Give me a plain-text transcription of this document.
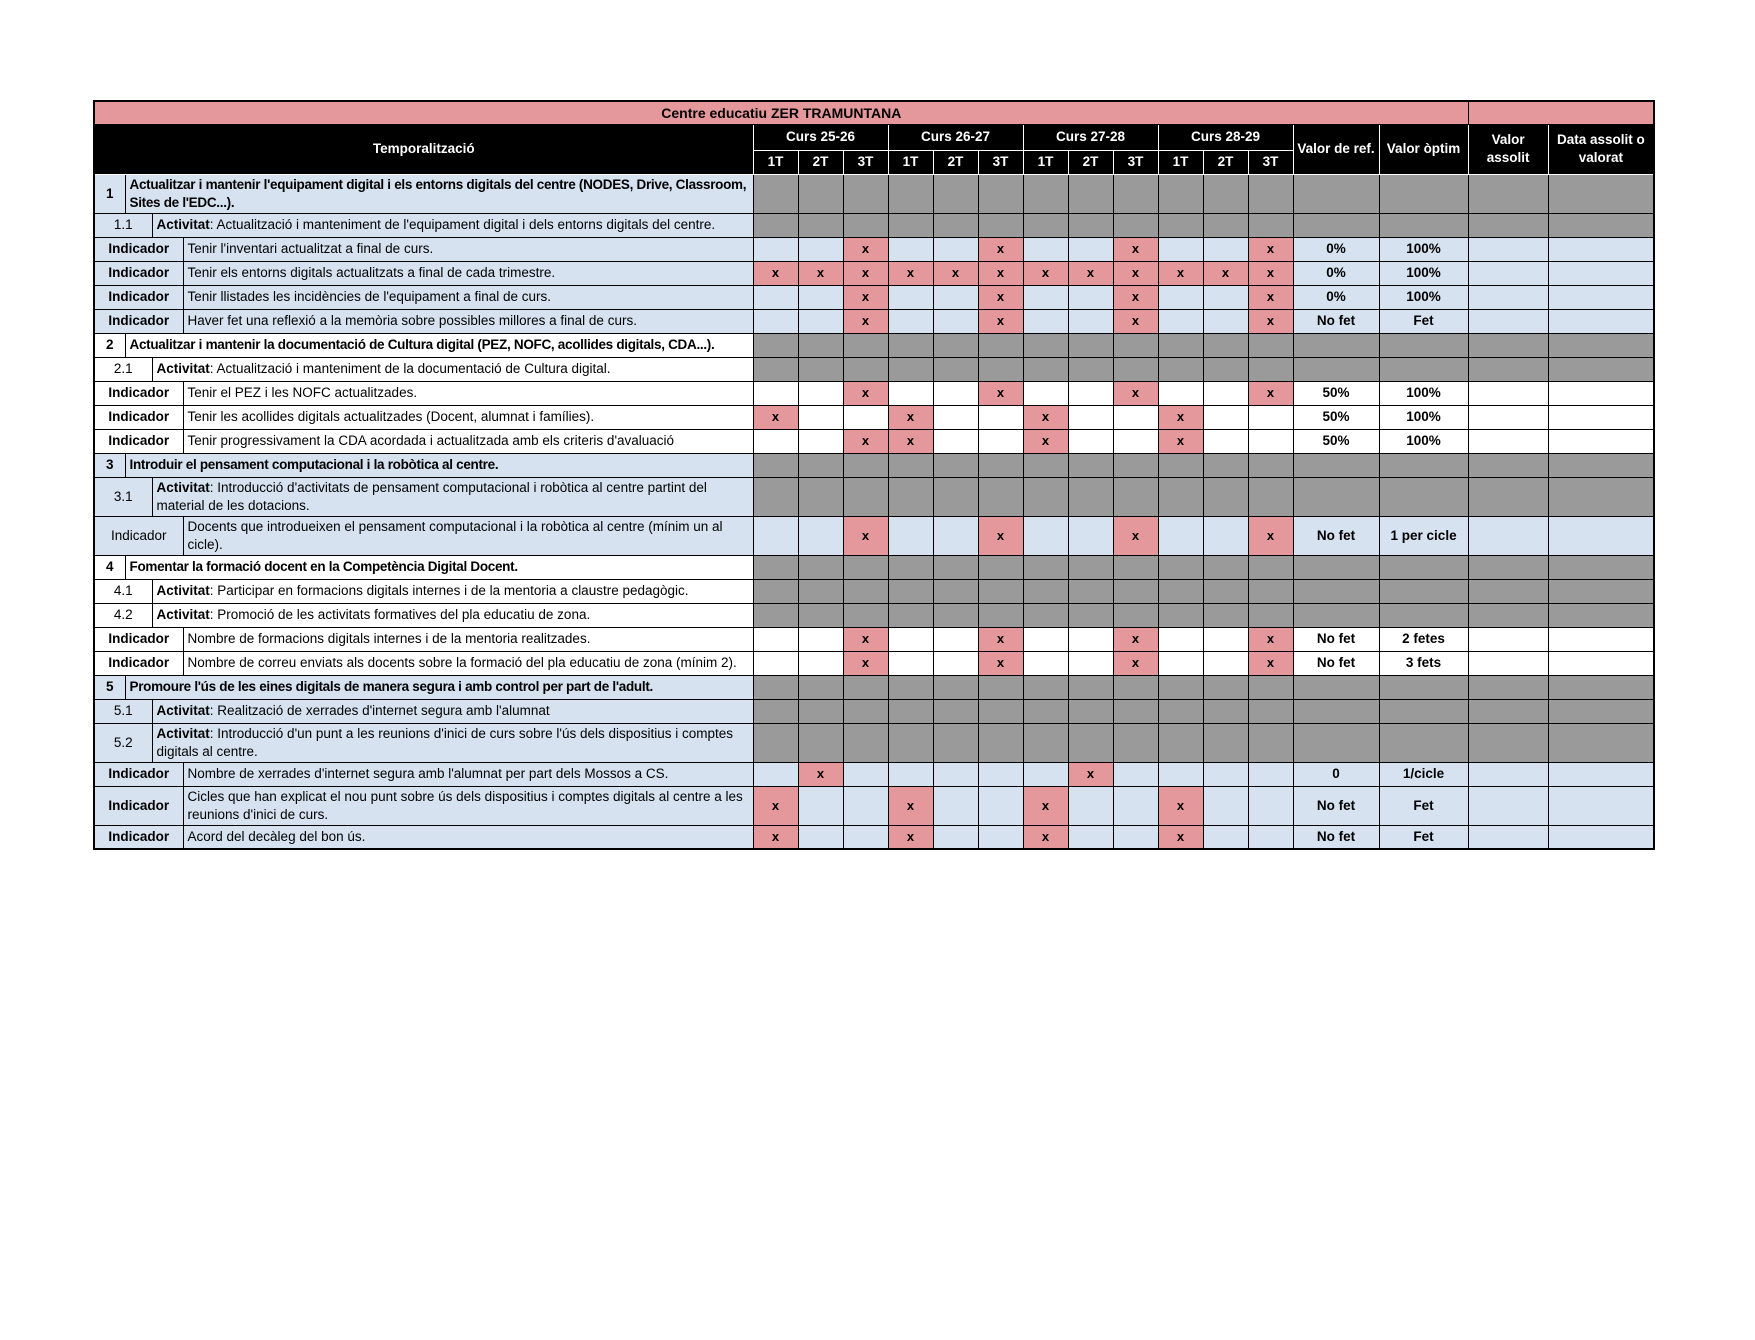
Centre educatiu ZER TRAMUNTANA																			
Temporalització				Curs 25-26			Curs 26-27			Curs 27-28			Curs 28-29			Valor de ref.	Valor òptim	Valor assolit	Data assolit o valorat
				1T	2T	3T	1T	2T	3T	1T	2T	3T	1T	2T	3T				
1	Actualitzar i mantenir l'equipament digital i els entorns digitals del centre (NODES, Drive, Classroom, Sites de l'EDC...).																		
1.1		Activitat: Actualització i manteniment de l'equipament digital i dels entorns digitals del centre.																	
Indicador			Tenir l'inventari actualitzat a final de curs.			x			x			x			x	0%	100%		
Indicador			Tenir els entorns digitals actualitzats a final de cada trimestre.	x	x	x	x	x	x	x	x	x	x	x	x	0%	100%		
Indicador			Tenir llistades les incidències de l'equipament a final de curs.			x			x			x			x	0%	100%		
Indicador			Haver fet una reflexió a la memòria sobre possibles millores a final de curs.			x			x			x			x	No fet	Fet		
2	Actualitzar i mantenir la documentació de Cultura digital (PEZ, NOFC, acollides digitals, CDA...).																		
2.1		Activitat: Actualització i manteniment de la documentació de Cultura digital.																	
Indicador			Tenir el PEZ i les NOFC actualitzades.			x			x			x			x	50%	100%		
Indicador			Tenir les acollides digitals actualitzades (Docent, alumnat i famílies).	x			x			x			x			50%	100%		
Indicador			Tenir progressivament la CDA acordada i actualitzada amb els criteris d'avaluació			x	x			x			x			50%	100%		
3	Introduir el pensament computacional i la robòtica al centre.																		
3.1		Activitat: Introducció d'activitats de pensament computacional i robòtica al centre partint del material de les dotacions.																	
Indicador			Docents que introdueixen el pensament computacional i la robòtica al centre (mínim un al cicle).			x			x			x			x	No fet	1 per cicle		
4	Fomentar la formació docent en la Competència Digital Docent.																		
4.1		Activitat: Participar en formacions digitals internes i de la mentoria a claustre pedagògic.																	
4.2		Activitat: Promoció de les activitats formatives del pla educatiu de zona.																	
Indicador			Nombre de formacions digitals internes i de la mentoria realitzades.			x			x			x			x	No fet	2 fetes		
Indicador			Nombre de correu enviats als docents sobre la formació del pla educatiu de zona (mínim 2).			x			x			x			x	No fet	3 fets		
5	Promoure l'ús de les eines digitals de manera segura i amb control per part de l'adult.																		
5.1		Activitat: Realització de xerrades d'internet segura amb l'alumnat																	
5.2		Activitat: Introducció d'un punt a les reunions d'inici de curs sobre l'ús dels dispositius i comptes digitals al centre.																	
Indicador			Nombre de xerrades d'internet segura amb l'alumnat per part dels Mossos a CS.		x						x					0	1/cicle		
Indicador			Cicles que han explicat el nou punt sobre ús dels dispositius i comptes digitals al centre a les reunions d'inici de curs.	x			x			x			x			No fet	Fet		
Indicador			Acord del decàleg del bon ús.	x			x			x			x			No fet	Fet		
